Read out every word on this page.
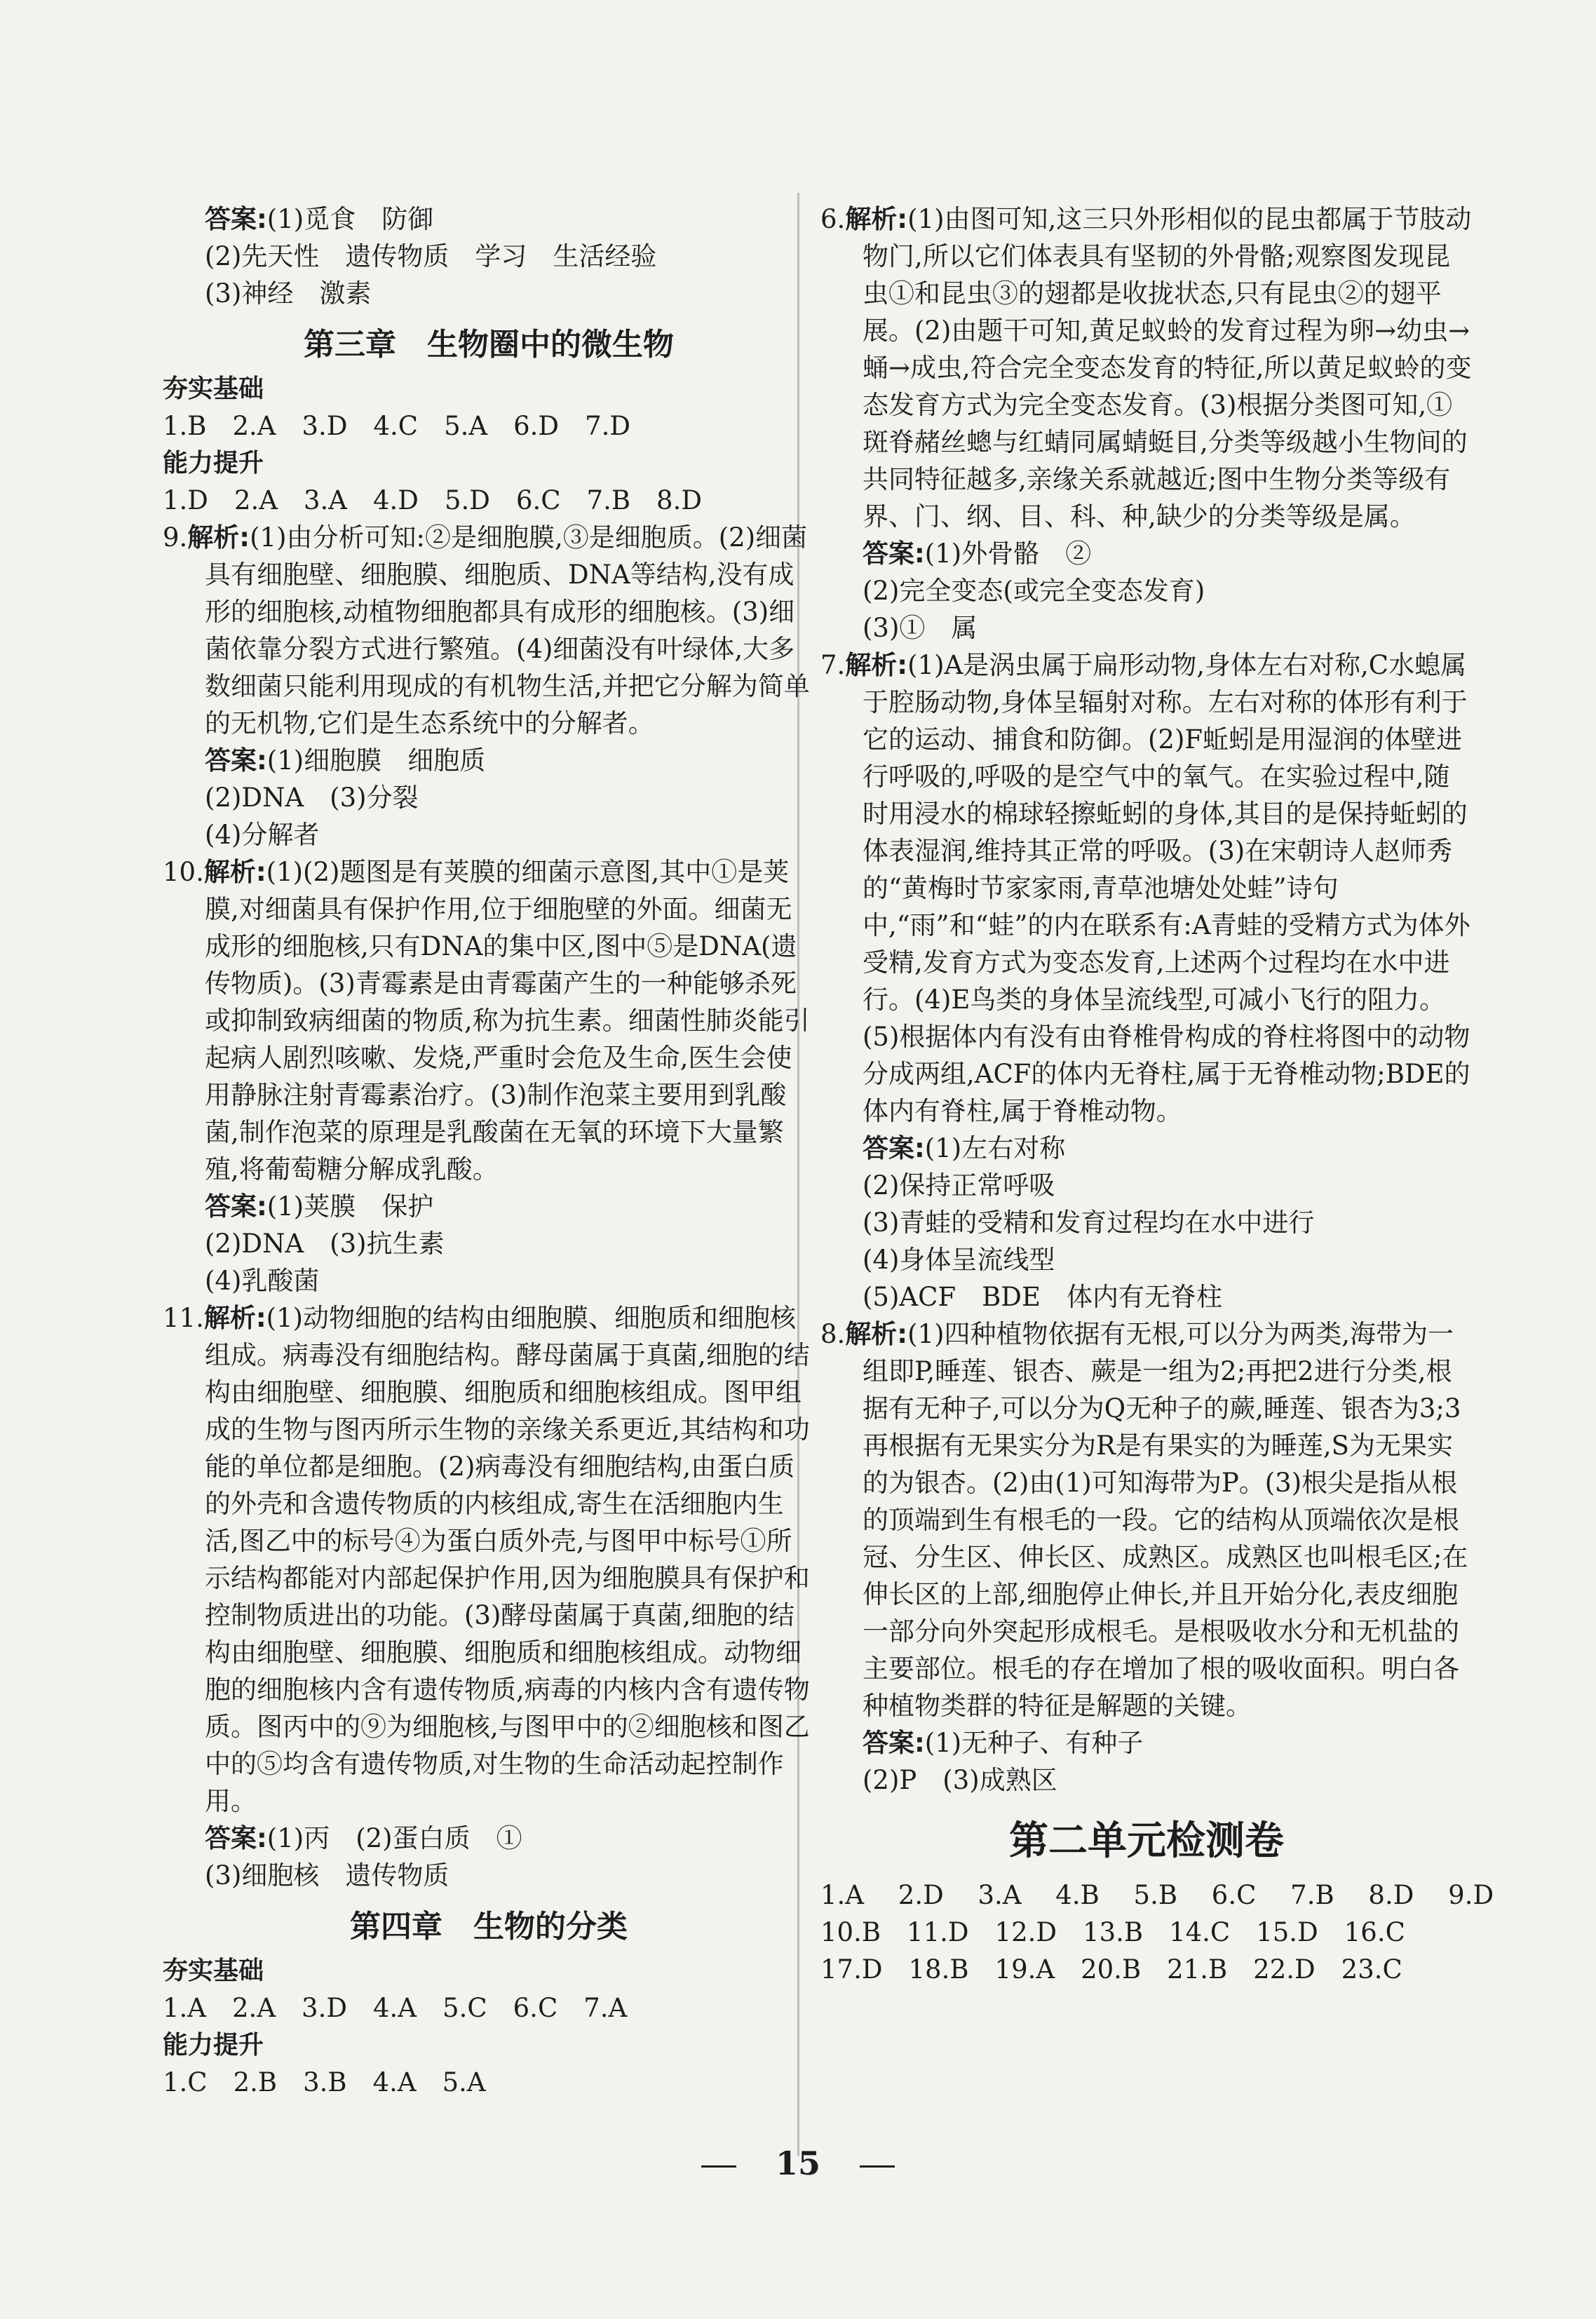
答案:(1)觅食　防御
(2)先天性　遗传物质　学习　生活经验
(3)神经　激素
第三章　生物圈中的微生物
夯实基础
1.B　2.A　3.D　4.C　5.A　6.D　7.D
能力提升
1.D　2.A　3.A　4.D　5.D　6.C　7.B　8.D
9.解析:(1)由分析可知:②是细胞膜,③是细胞质。(2)细菌具有细胞壁、细胞膜、细胞质、DNA等结构,没有成形的细胞核,动植物细胞都具有成形的细胞核。(3)细菌依靠分裂方式进行繁殖。(4)细菌没有叶绿体,大多数细菌只能利用现成的有机物生活,并把它分解为简单的无机物,它们是生态系统中的分解者。
答案:(1)细胞膜　细胞质
(2)DNA　(3)分裂
(4)分解者
10.解析:(1)(2)题图是有荚膜的细菌示意图,其中①是荚膜,对细菌具有保护作用,位于细胞壁的外面。细菌无成形的细胞核,只有DNA的集中区,图中⑤是DNA(遗传物质)。(3)青霉素是由青霉菌产生的一种能够杀死或抑制致病细菌的物质,称为抗生素。细菌性肺炎能引起病人剧烈咳嗽、发烧,严重时会危及生命,医生会使用静脉注射青霉素治疗。(3)制作泡菜主要用到乳酸菌,制作泡菜的原理是乳酸菌在无氧的环境下大量繁殖,将葡萄糖分解成乳酸。
答案:(1)荚膜　保护
(2)DNA　(3)抗生素
(4)乳酸菌
11.解析:(1)动物细胞的结构由细胞膜、细胞质和细胞核组成。病毒没有细胞结构。酵母菌属于真菌,细胞的结构由细胞壁、细胞膜、细胞质和细胞核组成。图甲组成的生物与图丙所示生物的亲缘关系更近,其结构和功能的单位都是细胞。(2)病毒没有细胞结构,由蛋白质的外壳和含遗传物质的内核组成,寄生在活细胞内生活,图乙中的标号④为蛋白质外壳,与图甲中标号①所示结构都能对内部起保护作用,因为细胞膜具有保护和控制物质进出的功能。(3)酵母菌属于真菌,细胞的结构由细胞壁、细胞膜、细胞质和细胞核组成。动物细胞的细胞核内含有遗传物质,病毒的内核内含有遗传物质。图丙中的⑨为细胞核,与图甲中的②细胞核和图乙中的⑤均含有遗传物质,对生物的生命活动起控制作用。
答案:(1)丙　(2)蛋白质　①
(3)细胞核　遗传物质
第四章　生物的分类
夯实基础
1.A　2.A　3.D　4.A　5.C　6.C　7.A
能力提升
1.C　2.B　3.B　4.A　5.A
6.解析:(1)由图可知,这三只外形相似的昆虫都属于节肢动物门,所以它们体表具有坚韧的外骨骼;观察图发现昆虫①和昆虫③的翅都是收拢状态,只有昆虫②的翅平展。(2)由题干可知,黄足蚁蛉的发育过程为卵→幼虫→蛹→成虫,符合完全变态发育的特征,所以黄足蚁蛉的变态发育方式为完全变态发育。(3)根据分类图可知,①斑脊赭丝蟌与红蜻同属蜻蜓目,分类等级越小生物间的共同特征越多,亲缘关系就越近;图中生物分类等级有界、门、纲、目、科、种,缺少的分类等级是属。
答案:(1)外骨骼　②
(2)完全变态(或完全变态发育)
(3)①　属
7.解析:(1)A是涡虫属于扁形动物,身体左右对称,C水螅属于腔肠动物,身体呈辐射对称。左右对称的体形有利于它的运动、捕食和防御。(2)F蚯蚓是用湿润的体壁进行呼吸的,呼吸的是空气中的氧气。在实验过程中,随时用浸水的棉球轻擦蚯蚓的身体,其目的是保持蚯蚓的体表湿润,维持其正常的呼吸。(3)在宋朝诗人赵师秀的“黄梅时节家家雨,青草池塘处处蛙”诗句中,“雨”和“蛙”的内在联系有:A青蛙的受精方式为体外受精,发育方式为变态发育,上述两个过程均在水中进行。(4)E鸟类的身体呈流线型,可减小飞行的阻力。(5)根据体内有没有由脊椎骨构成的脊柱将图中的动物分成两组,ACF的体内无脊柱,属于无脊椎动物;BDE的体内有脊柱,属于脊椎动物。
答案:(1)左右对称
(2)保持正常呼吸
(3)青蛙的受精和发育过程均在水中进行
(4)身体呈流线型
(5)ACF　BDE　体内有无脊柱
8.解析:(1)四种植物依据有无根,可以分为两类,海带为一组即P,睡莲、银杏、蕨是一组为2;再把2进行分类,根据有无种子,可以分为Q无种子的蕨,睡莲、银杏为3;3再根据有无果实分为R是有果实的为睡莲,S为无果实的为银杏。(2)由(1)可知海带为P。(3)根尖是指从根的顶端到生有根毛的一段。它的结构从顶端依次是根冠、分生区、伸长区、成熟区。成熟区也叫根毛区;在伸长区的上部,细胞停止伸长,并且开始分化,表皮细胞一部分向外突起形成根毛。是根吸收水分和无机盐的主要部位。根毛的存在增加了根的吸收面积。明白各种植物类群的特征是解题的关键。
答案:(1)无种子、有种子
(2)P　(3)成熟区
第二单元检测卷
1.A　 2.D　 3.A　 4.B　 5.B　 6.C　 7.B　 8.D　 9.D
10.B　11.D　12.D　13.B　14.C　15.D　16.C
17.D　18.B　19.A　20.B　21.B　22.D　23.C
15
